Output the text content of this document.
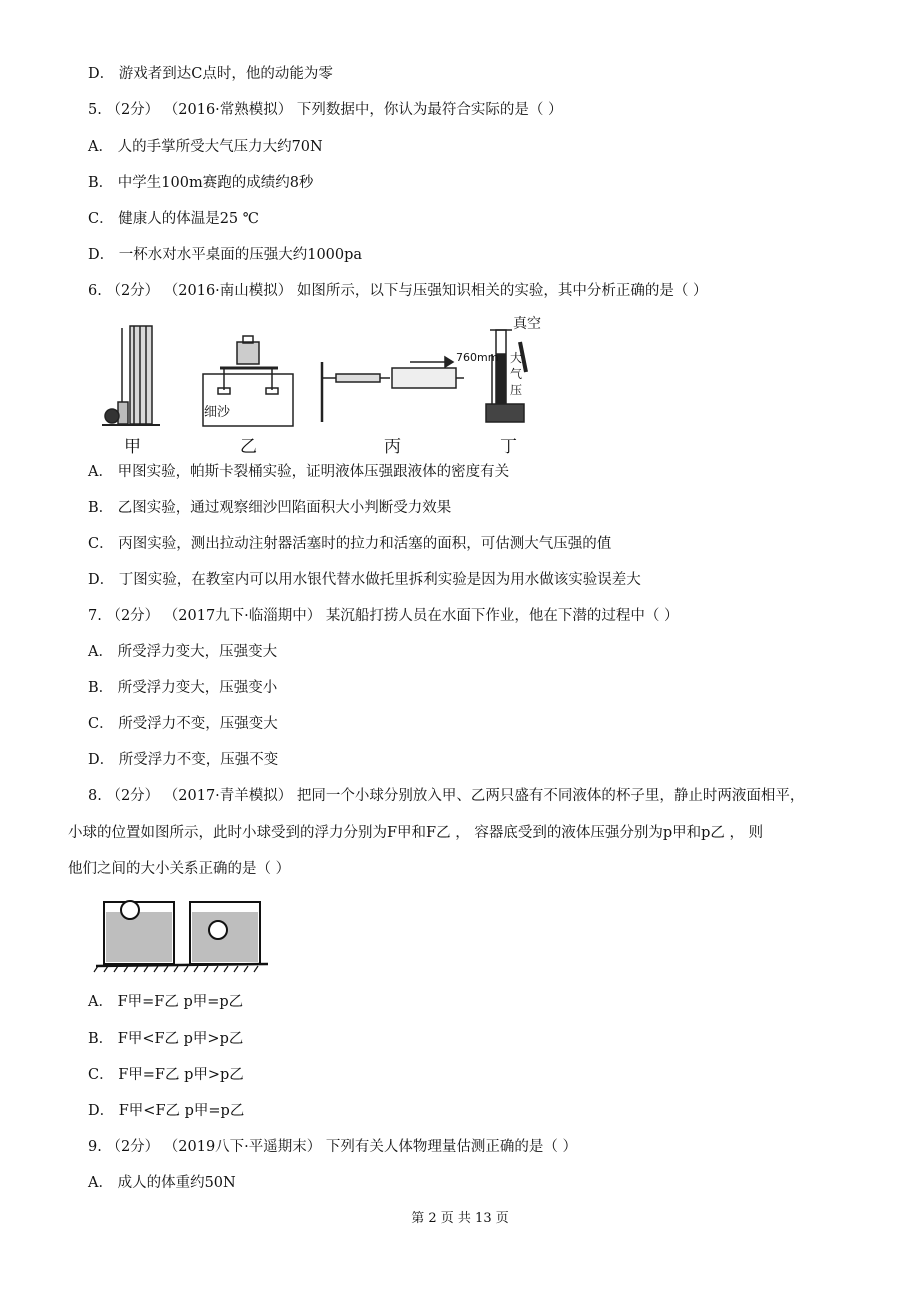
D． 游戏者到达C点时，他的动能为零
5. （2分） （2016·常熟模拟） 下列数据中，你认为最符合实际的是（ ）
A． 人的手掌所受大气压力大约70N
B． 中学生100m赛跑的成绩约8秒
C． 健康人的体温是25 ℃
D． 一杯水对水平桌面的压强大约1000pa
6. （2分） （2016·南山模拟） 如图所示，以下与压强知识相关的实验，其中分析正确的是（ ）
甲
细沙
乙	丙
真空
760mm 大
气
压
丁
A． 甲图实验，帕斯卡裂桶实验，证明液体压强跟液体的密度有关
B． 乙图实验，通过观察细沙凹陷面积大小判断受力效果
C． 丙图实验，测出拉动注射器活塞时的拉力和活塞的面积，可估测大气压强的值
D． 丁图实验，在教室内可以用水银代替水做托里拆利实验是因为用水做该实验误差大
7. （2分） （2017九下·临淄期中） 某沉船打捞人员在水面下作业，他在下潜的过程中（ ）
A． 所受浮力变大，压强变大
B． 所受浮力变大，压强变小
C． 所受浮力不变，压强变大
D． 所受浮力不变，压强不变
8. （2分） （2017·青羊模拟） 把同一个小球分别放入甲、乙两只盛有不同液体的杯子里，静止时两液面相平，
小球的位置如图所示，此时小球受到的浮力分别为F甲和F乙 ， 容器底受到的液体压强分别为p甲和p乙 ， 则
他们之间的大小关系正确的是（ ）
A． F甲=F乙 p甲=p乙
B． F甲<F乙 p甲>p乙
C． F甲=F乙 p甲>p乙
D． F甲<F乙 p甲=p乙
9. （2分） （2019八下·平遥期末） 下列有关人体物理量估测正确的是（ ）
A． 成人的体重约50N
第 2 页 共 13 页
